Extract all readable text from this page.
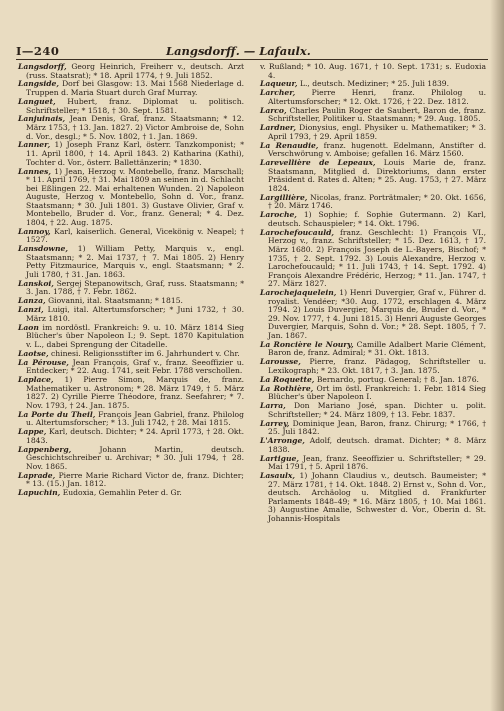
I—240	Langsdorff. — Lafaulx.

Langsdorff, Georg Heinrich, Freiherr v., deutsch. Arzt (russ. Staatsrat); * 18. April 1774, † 9. Juli 1852.

Langside, Dorf bei Glasgow: 13. Mai 1568 Niederlage d. Truppen d. Maria Stuart durch Graf Murray.

Languet, Hubert, franz. Diplomat u. politisch. Schriftsteller; * 1518, † 30. Sept. 1581.

Lanjuinais, Jean Denis, Graf, franz. Staatsmann; * 12. März 1753, † 13. Jan. 1827. 2) Victor Ambroise de, Sohn d. Vor., desgl.; * 5. Nov. 1802, † 1. Jan. 1869.

Lanner, 1) Joseph Franz Karl, österr. Tanzkomponist; * 11. April 1800, † 14. April 1843. 2) Katharina (Kathi), Tochter d. Vor., österr. Ballettänzerin; * 1830.

Lannes, 1) Jean, Herzog v. Montebello, franz. Marschall; * 11. April 1769, † 31. Mai 1809 an seinen in d. Schlacht bei Eßlingen 22. Mai erhaltenen Wunden. 2) Napoleon Auguste, Herzog v. Montebello, Sohn d. Vor., franz. Staatsmann; * 30. Juli 1801. 3) Gustave Olivier, Graf v. Montebello, Bruder d. Vor., franz. General; * 4. Dez. 1804, † 22. Aug. 1875.

Lannoy, Karl, kaiserlich. General, Vicekönig v. Neapel; † 1527.

Lansdowne, 1) William Petty, Marquis v., engl. Staatsmann; * 2. Mai 1737, † 7. Mai 1805. 2) Henry Petty Fitzmaurice, Marquis v., engl. Staatsmann; * 2. Juli 1780, † 31. Jan. 1863.

Lanskoi, Sergej Stepanowitsch, Graf, russ. Staatsmann; * 3. Jan. 1788, † 7. Febr. 1862.

Lanza, Giovanni, ital. Staatsmann; * 1815.

Lanzi, Luigi, ital. Altertumsforscher; * Juni 1732, † 30. März 1810.

Laon im nordöstl. Frankreich: 9. u. 10. März 1814 Sieg Blücher's über Napoleon I.; 9. Sept. 1870 Kapitulation v. L., dabei Sprengung der Citadelle.

Laotse, chinesi. Religionsstifter im 6. Jahrhundert v. Chr.

La Pérouse, Jean François, Graf v., franz. Seeoffizier u. Entdecker; * 22. Aug. 1741, seit Febr. 1788 verschollen.

Laplace, 1) Pierre Simon, Marquis de, franz. Mathematiker u. Astronom; * 28. März 1749, † 5. März 1827. 2) Cyrille Pierre Théodore, franz. Seefahrer; * 7. Nov. 1793, † 24. Jan. 1875.

La Porte du Theil, François Jean Gabriel, franz. Philolog u. Altertumsforscher; * 13. Juli 1742, † 28. Mai 1815.

Lappe, Karl, deutsch. Dichter; * 24. April 1773, † 28. Okt. 1843.

Lappenberg, Johann Martin, deutsch. Geschichtschreiber u. Archivar; * 30. Juli 1794, † 28. Nov. 1865.

Laprade, Pierre Marie Richard Victor de, franz. Dichter; * 13. (15.) Jan. 1812.

Lapuchin, Eudoxia, Gemahlin Peter d. Gr.

v. Rußland; * 10. Aug. 1671, † 10. Sept. 1731; s. Eudoxia 4.

Laqueur, L., deutsch. Mediziner; * 25. Juli 1839.

Larcher, Pierre Henri, franz. Philolog u. Altertumsforscher; * 12. Okt. 1726, † 22. Dez. 1812.

Larco, Charles Paulin Roger de Saubert, Baron de, franz. Schriftsteller, Politiker u. Staatsmann; * 29. Aug. 1805.

Lardner, Dionysius, engl. Physiker u. Mathematiker; * 3. April 1793, † 29. April 1859.

La Renaudie, franz. hugenott. Edelmann, Anstifter d. Verschwörung v. Amboise; gefallen 16. März 1560.

Larevellière de Lepeaux, Louis Marie de, franz. Staatsmann, Mitglied d. Direktoriums, dann erster Präsident d. Rates d. Alten; * 25. Aug. 1753, † 27. März 1824.

Largillière, Nicolas, franz. Porträtmaler; * 20. Okt. 1656, † 20. März 1746.

Laroche, 1) Sophie; f. Sophie Gutermann. 2) Karl, deutsch. Schauspieler; * 14. Okt. 1796.

Larochefoucauld, franz. Geschlecht: 1) François VI., Herzog v., franz. Schriftsteller; * 15. Dez. 1613, † 17. März 1680. 2) François Joseph de L.-Bayers, Bischof; * 1735, † 2. Sept. 1792. 3) Louis Alexandre, Herzog v. Larochefoucauld; * 11. Juli 1743, † 14. Sept. 1792. 4) François Alexandre Frédéric, Herzog; * 11. Jan. 1747, † 27. März 1827.

Larochejaquelein, 1) Henri Duvergier, Graf v., Führer d. royalist. Vendéer; *30. Aug. 1772, erschlagen 4. März 1794. 2) Louis Duvergier, Marquis de, Bruder d. Vor., * 29. Nov. 1777, † 4. Juni 1815. 3) Henri Auguste Georges Duvergier, Marquis, Sohn d. Vor.; * 28. Sept. 1805, † 7. Jan. 1867.

La Roncière le Noury, Camille Adalbert Marie Clément, Baron de, franz. Admiral; * 31. Okt. 1813.

Larousse, Pierre, franz. Pädagog, Schriftsteller u. Lexikograph; * 23. Okt. 1817, † 3. Jan. 1875.

La Roquette, Bernardo, portug. General; † 8. Jan. 1876.

La Rothière, Ort im östl. Frankreich: 1. Febr. 1814 Sieg Blücher's über Napoleon I.

Larra, Don Mariano José, span. Dichter u. polit. Schriftsteller; * 24. März 1809, † 13. Febr. 1837.

Larrey, Dominique Jean, Baron, franz. Chirurg; * 1766, † 25. Juli 1842.

L'Arronge, Adolf, deutsch. dramat. Dichter; * 8. März 1838.

Lartigue, Jean, franz. Seeoffizier u. Schriftsteller; * 29. Mai 1791, † 5. April 1876.

Lasaulx, 1) Johann Claudius v., deutsch. Baumeister; * 27. März 1781, † 14. Okt. 1848. 2) Ernst v., Sohn d. Vor., deutsch. Archäolog u. Mitglied d. Frankfurter Parlaments 1848–49; * 16. März 1805, † 10. Mai 1861. 3) Augustine Amalie, Schwester d. Vor., Oberin d. St. Johannis-Hospitals
